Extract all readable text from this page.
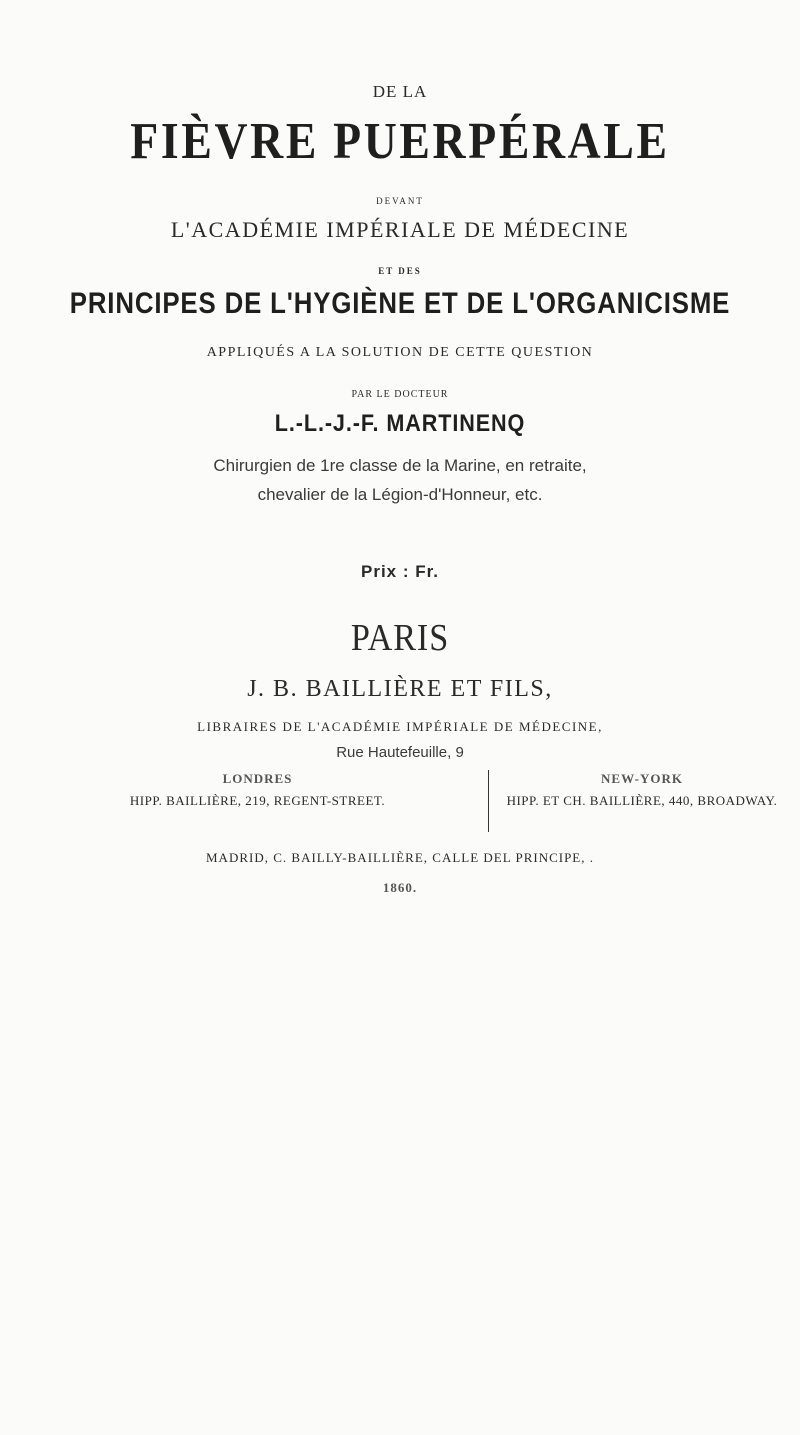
DE LA
FIÈVRE PUERPÉRALE
DEVANT
L'ACADÉMIE IMPÉRIALE DE MÉDECINE
ET DES
PRINCIPES DE L'HYGIÈNE ET DE L'ORGANICISME
APPLIQUÉS A LA SOLUTION DE CETTE QUESTION
PAR LE DOCTEUR
L.-L.-J.-F. MARTINENQ
Chirurgien de 1re classe de la Marine, en retraite,
chevalier de la Légion-d'Honneur, etc.
Prix : Fr.
PARIS
J. B. BAILLIÈRE ET FILS,
LIBRAIRES DE L'ACADÉMIE IMPÉRIALE DE MÉDECINE,
Rue Hautefeuille, 9
LONDRES
HIPP. BAILLIÈRE, 219, REGENT-STREET.
NEW-YORK
HIPP. ET CH. BAILLIÈRE, 440, BROADWAY.
MADRID, C. BAILLY-BAILLIÈRE, CALLE DEL PRINCIPE, .
1860.
